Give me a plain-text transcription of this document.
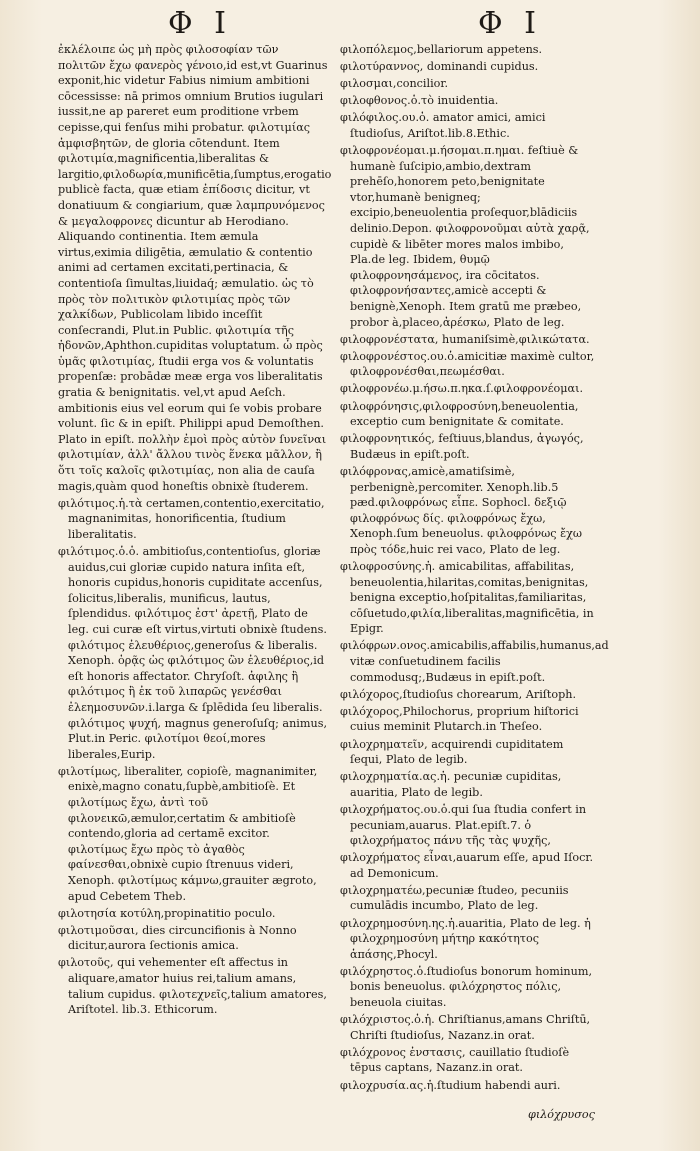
Φ Ι	Φ Ι

ἐκλέλοιπε ὡς μὴ πρὸς φιλοσοφίαν τῶν πολιτῶν ἔχω φανερὸς γένοιο,id est,vt Guarinus exponit,hic videtur Fabius nimium ambitioni cōcessisse: nā primos omnium Brutios iugulari iussit,ne ap pareret eum proditione vrbem cepisse,qui fenſus mihi probatur. φιλοτιμίας ἀμφισβητῶν, de gloria cōtendunt. Item φιλοτιμία,magnificentia,liberalitas & largitio,φιλοδωρία,munificētia,ſumptus,erogatio publicè facta, quæ etiam ἐπίδοσις dicitur, vt donatiuum & congiarium, quæ λαμπρυνόμενος & μεγαλοφρονες dicuntur ab Herodiano. Aliquando continentia. Item æmula virtus,eximia diligētia, æmulatio & contentio animi ad certamen excitati,pertinacia, & contentioſa ſimultas,liuidaq́; æmulatio. ὡς τὸ πρὸς τὸν πολιτικὸν φιλοτιμίας πρὸς τῶν χαλκίδων, Publicolam libido inceſſit conſecrandi, Plut.in Public. φιλοτιμία τῆς ἡδονῶν,Aphthon.cupiditas voluptatum. ὦ πρὸς ὑμᾶς φιλοτιμίας, ſtudii erga vos & voluntatis propenſæ: probādæ meæ erga vos liberalitatis gratia & benignitatis. vel,vt apud Aeſch. ambitionis eius vel eorum qui ſe vobis probare volunt. ſic & in epiſt. Philippi apud Demoſthen. Plato in epiſt. πολλὴν ἐμοὶ πρὸς αὐτὸν ſυνεῖναι φιλοτιμίαν, ἀλλ' ἄλλου τινὸς ἕνεκα μᾶλλον, ἢ ὅτι τοῖς καλοῖς φιλοτιμίας, non alia de cauſa magis,quàm quod honeſtis obnixè ſtuderem.

φιλότιμος.ἡ.τὰ certamen,contentio,exercitatio, magnanimitas, honorificentia, ſtudium liberalitatis.

φιλότιμος.ὁ.ὁ. ambitioſus,contentioſus, gloriæ auidus,cui gloriæ cupido natura inſita eſt, honoris cupidus,honoris cupiditate accenſus, ſolicitus,liberalis, munificus, lautus, ſplendidus. φιλότιμος ἐστ' ἀρετῇ, Plato de leg. cui curæ eſt virtus,virtuti obnixè ſtudens. φιλότιμος ἐλευθέριος,generoſus & liberalis. Xenoph. ὁρᾷς ὡς φιλότιμος ὢν ἐλευθέριος,id eſt honoris affectator. Chryſoſt. ἀφιλης ἢ φιλότιμος ἢ ἐκ τοῦ λιπαρῶς γενέσθαι ἐλεημοσυνῶν.i.larga & ſplēdida ſeu liberalis. φιλότιμος ψυχή, magnus generoſuſq; animus, Plut.in Peric. φιλοτίμοι θεοί,mores liberales,Eurip.

φιλοτίμως, liberaliter, copioſè, magnanimiter, enixè,magno conatu,ſupbè,ambitioſè. Et φιλοτίμως ἔχω, ἀντὶ τοῦ φιλονεικῶ,æmulor,certatim & ambitioſè contendo,gloria ad certamē excitor. φιλοτίμως ἔχω πρὸς τὸ ἀγαθὸς φαίνεσθαι,obnixè cupio ſtrenuus videri, Xenoph. φιλοτίμως κάμνω,grauiter ægroto, apud Cebetem Theb.

φιλοτησία κοτύλη,propinatitio poculo.

φιλοτιμοῦσαι, dies circuncifionis à Nonno dicitur,aurora ſectionis amica.

φιλοτοῦς, qui vehementer eſt affectus in aliquare,amator huius rei,talium amans, talium cupidus. φιλοτεχνεῖς,talium amatores, Ariſtotel. lib.3. Ethicorum.

φιλοπόλεμος,bellariorum appetens.

φιλοτύραννος, dominandi cupidus.

φιλοσμαι,concilior.

φιλοφθονος.ὁ.τὸ inuidentia.

φιλόφιλος.ου.ὁ. amator amici, amici ſtudioſus, Ariſtot.lib.8.Ethic.

φιλοφρονέομαι.μ.ήσομαι.π.ημαι. feſtiuè & humanè ſuſcipio,ambio,dextram prehēſo,honorem peto,benignitate vtor,humanè benigneq; excipio,beneuolentia proſequor,blādiciis delinio.Depon. φιλοφρονοῦμαι αὐτὰ χαρᾷ, cupidè & libēter mores malos imbibo, Pla.de leg. Ibidem, θυμῷ φιλοφρονησάμενος, ira cōcitatos. φιλοφρονήσαντες,amicè accepti & benignè,Xenoph. Item gratū me præbeo, probor à,placeo,ἀρέσκω, Plato de leg.

φιλοφρονέστατα, humaniſsimè,φιλικώτατα.

φιλοφρονέστος.ου.ὁ.amicitiæ maximè cultor, φιλοφρονέσθαι,πεωμέσθαι.

φιλοφρονέω.μ.ήσω.π.ηκα.ſ.φιλοφρονέομαι.

φιλοφρόνησις,φιλοφροσύνη,beneuolentia, exceptio cum benignitate & comitate.

φιλοφρονητικός, feſtiuus,blandus, ἀγωγός, Budæus in epiſt.poſt.

φιλόφρονας,amicè,amatiſsimè, perbenignè,percomiter. Xenoph.lib.5 pæd.φιλοφρόνως εἶπε. Sophocl. δεξιῷ φιλοφρόνως δίς. φιλοφρόνως ἔχω, Xenoph.ſum beneuolus. φιλοφρόνως ἔχω πρὸς τόδε,huic rei vaco, Plato de leg.

φιλοφροσύνης.ἡ. amicabilitas, affabilitas, beneuolentia,hilaritas,comitas,benignitas, benigna exceptio,hoſpitalitas,familiaritas, cōſuetudo,φιλία,liberalitas,magnificētia, in Epigr.

φιλόφρων.ονος.amicabilis,affabilis,humanus,ad vitæ conſuetudinem facilis commodusq;,Budæus in epiſt.poſt.

φιλόχορος,ſtudioſus chorearum, Ariſtoph.

φιλόχορος,Philochorus, proprium hiſtorici cuius meminit Plutarch.in Theſeo.

φιλοχρηματεῖν, acquirendi cupiditatem ſequi, Plato de legib.

φιλοχρηματία.ας.ἡ. pecuniæ cupiditas, auaritia, Plato de legib.

φιλοχρήματος.ου.ὁ.qui ſua ſtudia confert in pecuniam,auarus. Plat.epiſt.7. ὁ φιλοχρήματος πάνυ τῆς τὰς ψυχῆς,

φιλοχρήματος εἶναι,auarum eſſe, apud Iſocr. ad Demonicum.

φιλοχρηματέω,pecuniæ ſtudeo, pecuniis cumulādis incumbo, Plato de leg.

φιλοχρημοσύνη.ης.ἡ.auaritia, Plato de leg. ἡ φιλοχρημοσύνη μήτηρ κακότητος ἁπάσης,Phocyl.

φιλόχρηστος.ὁ.ſtudioſus bonorum hominum, bonis beneuolus. φιλόχρηστος πόλις, beneuola ciuitas.

φιλόχριστος.ὁ.ἡ. Chriſtianus,amans Chriſtū, Chriſti ſtudioſus, Nazanz.in orat.

φιλόχρονος ἐνστασις, cauillatio ſtudioſè tēpus captans, Nazanz.in orat.

φιλοχρυσία.ας.ἡ.ſtudium habendi auri.

φιλόχρυσος
